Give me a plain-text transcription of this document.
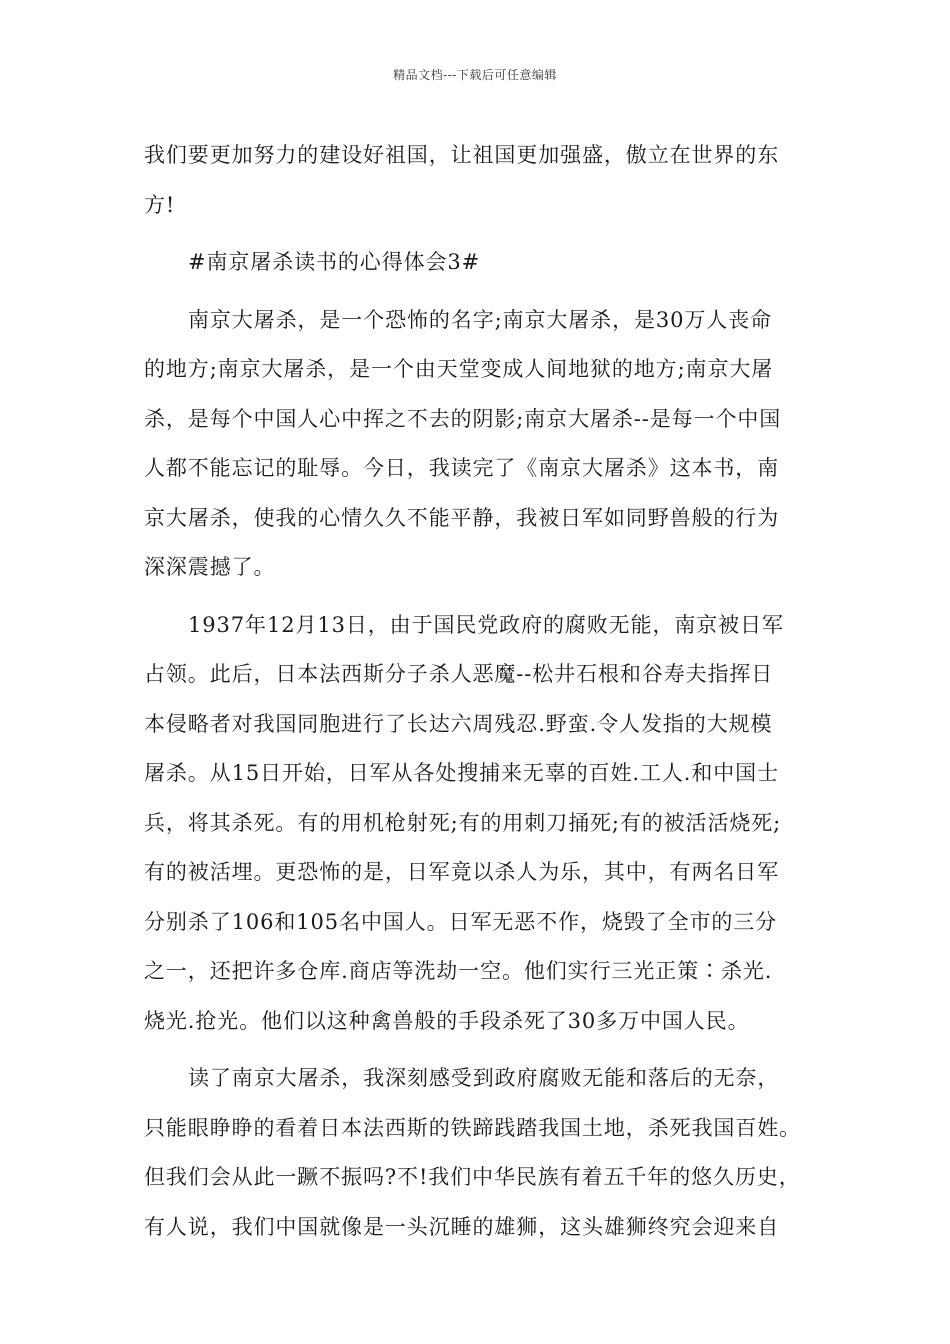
精品文档---下载后可任意编辑
我们要更加努力的建设好祖国，让祖国更加强盛，傲立在世界的东
方!
#南京屠杀读书的心得体会3#
南京大屠杀，是一个恐怖的名字;南京大屠杀，是30万人丧命
的地方;南京大屠杀，是一个由天堂变成人间地狱的地方;南京大屠
杀，是每个中国人心中挥之不去的阴影;南京大屠杀--是每一个中国
人都不能忘记的耻辱。今日，我读完了《南京大屠杀》这本书，南
京大屠杀，使我的心情久久不能平静，我被日军如同野兽般的行为
深深震撼了。
1937年12月13日，由于国民党政府的腐败无能，南京被日军
占领。此后，日本法西斯分子杀人恶魔--松井石根和谷寿夫指挥日
本侵略者对我国同胞进行了长达六周残忍.野蛮.令人发指的大规模
屠杀。从15日开始，日军从各处搜捕来无辜的百姓.工人.和中国士
兵，将其杀死。有的用机枪射死;有的用刺刀捅死;有的被活活烧死;
有的被活埋。更恐怖的是，日军竟以杀人为乐，其中，有两名日军
分别杀了106和105名中国人。日军无恶不作，烧毁了全市的三分
之一，还把许多仓库.商店等洗劫一空。他们实行三光正策∶杀光.
烧光.抢光。他们以这种禽兽般的手段杀死了30多万中国人民。
读了南京大屠杀，我深刻感受到政府腐败无能和落后的无奈，
只能眼睁睁的看着日本法西斯的铁蹄践踏我国土地，杀死我国百姓。
但我们会从此一蹶不振吗?不!我们中华民族有着五千年的悠久历史，
有人说，我们中国就像是一头沉睡的雄狮，这头雄狮终究会迎来自
